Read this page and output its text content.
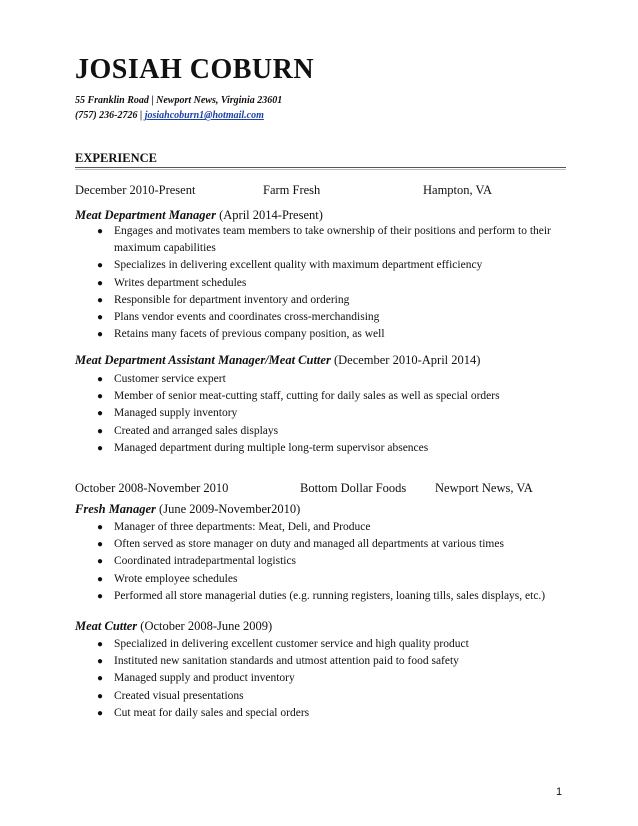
JOSIAH COBURN
55 Franklin Road | Newport News, Virginia 23601
(757) 236-2726 | josiahcoburn1@hotmail.com
EXPERIENCE
December 2010-Present	Farm Fresh	Hampton, VA
Meat Department Manager (April 2014-Present)
● Engages and motivates team members to take ownership of their positions and perform to their maximum capabilities
● Specializes in delivering excellent quality with maximum department efficiency
● Writes department schedules
● Responsible for department inventory and ordering
● Plans vendor events and coordinates cross-merchandising
● Retains many facets of previous company position, as well
Meat Department Assistant Manager/Meat Cutter (December 2010-April 2014)
● Customer service expert
● Member of senior meat-cutting staff, cutting for daily sales as well as special orders
● Managed supply inventory
● Created and arranged sales displays
● Managed department during multiple long-term supervisor absences
October 2008-November 2010	Bottom Dollar Foods Newport News, VA
Fresh Manager (June 2009-November2010)
● Manager of three departments: Meat, Deli, and Produce
● Often served as store manager on duty and managed all departments at various times
● Coordinated intradepartmental logistics
● Wrote employee schedules
● Performed all store managerial duties (e.g. running registers, loaning tills, sales displays, etc.)
Meat Cutter (October 2008-June 2009)
● Specialized in delivering excellent customer service and high quality product
● Instituted new sanitation standards and utmost attention paid to food safety
● Managed supply and product inventory
● Created visual presentations
● Cut meat for daily sales and special orders
1
